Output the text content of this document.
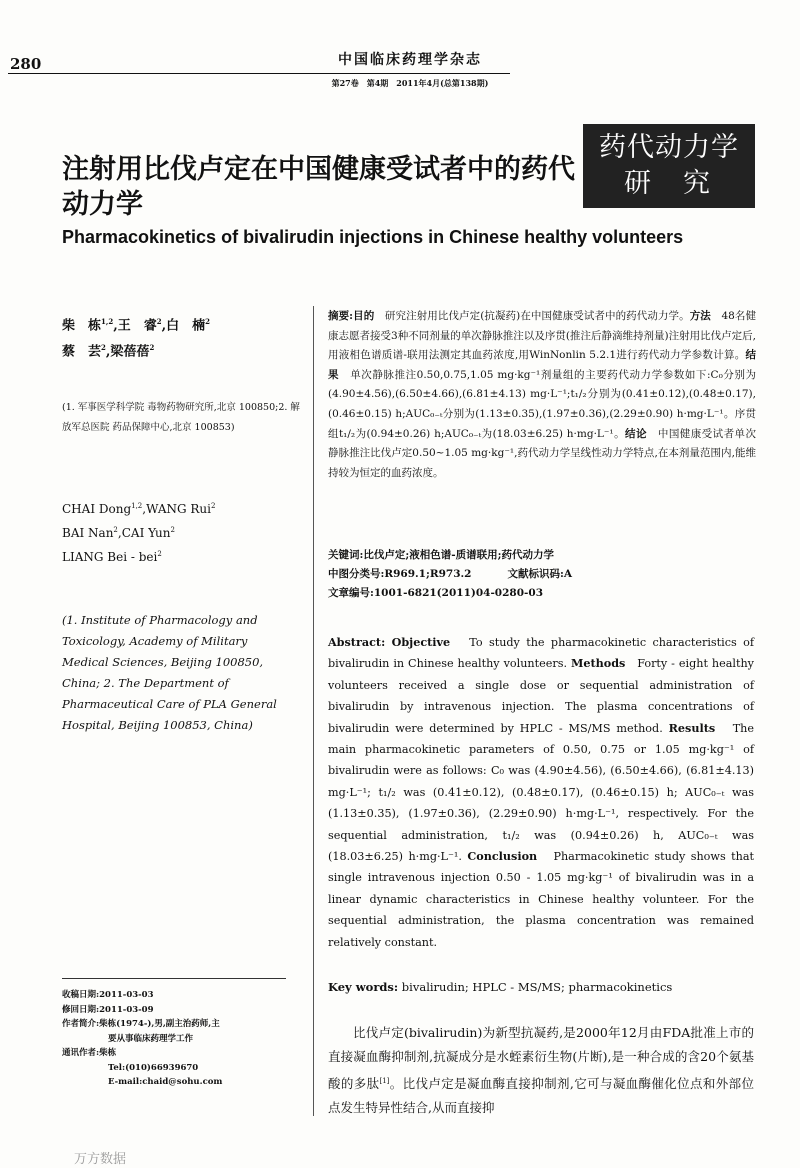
280	中国临床药理学杂志
第27卷　第4期　2011年4月(总第138期)
药代动力学
研究
注射用比伐卢定在中国健康受试者中的药代动力学
Pharmacokinetics of bivalirudin injections in Chinese healthy volunteers
柴　栋$^{1,2}$,王　睿$^2$,白　楠$^2$
蔡　芸$^2$,梁蓓蓓$^2$
(1. 军事医学科学院 毒物药物研究所,北京 100850;2. 解放军总医院 药品保障中心,北京 100853)
CHAI Dong$^{1,2}$,WANG Rui$^2$
BAI Nan$^2$,CAI Yun$^2$
LIANG Bei - bei$^2$
(1. Institute of Pharmacology and Toxicology, Academy of Military Medical Sciences, Beijing 100850, China; 2. The Department of Pharmaceutical Care of PLA General Hospital, Beijing 100853, China)
收稿日期:2011-03-03
修回日期:2011-03-09
作者简介:柴栋(1974-),男,副主治药师,主
要从事临床药理学工作
通讯作者:柴栋
Tel:(010)66939670
E-mail:chaid@sohu.com
摘要:目的　 研究注射用比伐卢定(抗凝药)在中国健康受试者中的药代动力学。方法　 48名健康志愿者接受3种不同剂量的单次静脉推注以及序贯(推注后静滴维持剂量)注射用比伐卢定后,用液相色谱质谱-联用法测定其血药浓度,用WinNonlin 5.2.1进行药代动力学参数计算。结果　 单次静脉推注0.50,0.75,1.05 mg·kg⁻¹剂量组的主要药代动力学参数如下:C₀分别为(4.90±4.56),(6.50±4.66),(6.81±4.13) mg·L⁻¹;t₁/₂分别为(0.41±0.12),(0.48±0.17),(0.46±0.15) h;AUC₀₋ₜ分别为(1.13±0.35),(1.97±0.36),(2.29±0.90) h·mg·L⁻¹。序贯组t₁/₂为(0.94±0.26) h;AUC₀₋ₜ为(18.03±6.25) h·mg·L⁻¹。结论　 中国健康受试者单次静脉推注比伐卢定0.50~1.05 mg·kg⁻¹,药代动力学呈线性动力学特点,在本剂量范围内,能维持较为恒定的血药浓度。
关键词:比伐卢定;液相色谱-质谱联用;药代动力学
中图分类号:R969.1;R973.2	文献标识码:A
文章编号:1001-6821(2011)04-0280-03
Abstract: Objective To study the pharmacokinetic characteristics of bivalirudin in Chinese healthy volunteers. Methods Forty - eight healthy volunteers received a single dose or sequential administration of bivalirudin by intravenous injection. The plasma concentrations of bivalirudin were determined by HPLC - MS/MS method. Results The main pharmacokinetic parameters of 0.50, 0.75 or 1.05 mg·kg⁻¹ of bivalirudin were as follows: C₀ was (4.90±4.56), (6.50±4.66), (6.81±4.13) mg·L⁻¹; t₁/₂ was (0.41±0.12), (0.48±0.17), (0.46±0.15) h; AUC₀₋ₜ was (1.13±0.35), (1.97±0.36), (2.29±0.90) h·mg·L⁻¹, respectively. For the sequential administration, t₁/₂ was (0.94±0.26) h, AUC₀₋ₜ was (18.03±6.25) h·mg·L⁻¹. Conclusion Pharmacokinetic study shows that single intravenous injection 0.50 - 1.05 mg·kg⁻¹ of bivalirudin was in a linear dynamic characteristics in Chinese healthy volunteer. For the sequential administration, the plasma concentration was remained relatively constant.
Key words: bivalirudin; HPLC - MS/MS; pharmacokinetics
比伐卢定(bivalirudin)为新型抗凝药,是2000年12月由FDA批准上市的直接凝血酶抑制剂,抗凝成分是水蛭素衍生物(片断),是一种合成的含20个氨基酸的多肽[1]。比伐卢定是凝血酶直接抑制剂,它可与凝血酶催化位点和外部位点发生特异性结合,从而直接抑
万方数据
